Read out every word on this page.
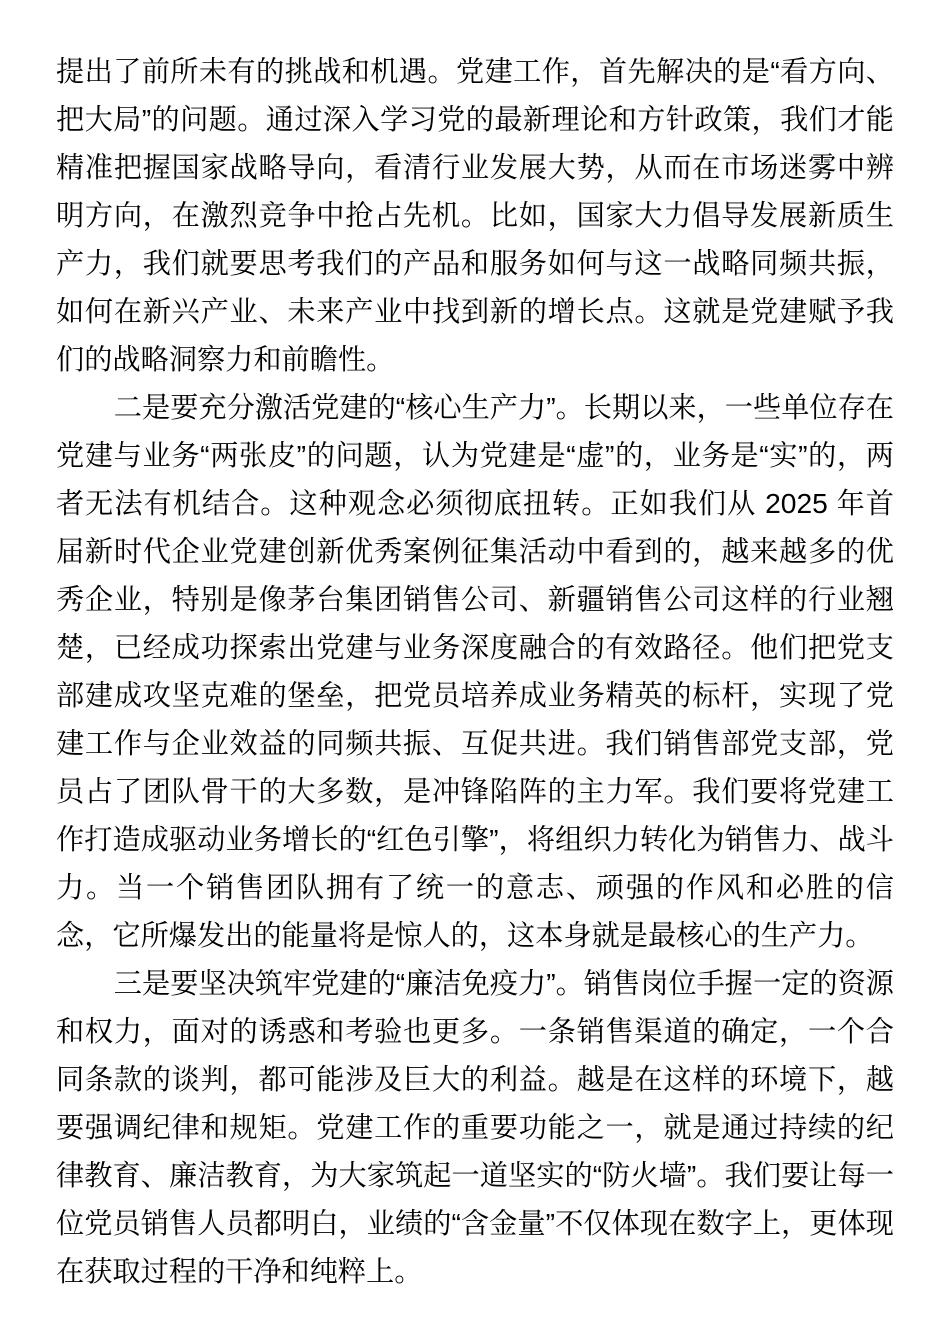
提出了前所未有的挑战和机遇。党建工作，首先解决的是“看方向、把大局”的问题。通过深入学习党的最新理论和方针政策，我们才能精准把握国家战略导向，看清行业发展大势，从而在市场迷雾中辨明方向，在激烈竞争中抢占先机。比如，国家大力倡导发展新质生产力，我们就要思考我们的产品和服务如何与这一战略同频共振，如何在新兴产业、未来产业中找到新的增长点。这就是党建赋予我们的战略洞察力和前瞻性。

二是要充分激活党建的“核心生产力”。长期以来，一些单位存在党建与业务“两张皮”的问题，认为党建是“虚”的，业务是“实”的，两者无法有机结合。这种观念必须彻底扭转。正如我们从 2025 年首届新时代企业党建创新优秀案例征集活动中看到的，越来越多的优秀企业，特别是像茅台集团销售公司、新疆销售公司这样的行业翘楚，已经成功探索出党建与业务深度融合的有效路径。他们把党支部建成攻坚克难的堡垒，把党员培养成业务精英的标杆，实现了党建工作与企业效益的同频共振、互促共进。我们销售部党支部，党员占了团队骨干的大多数，是冲锋陷阵的主力军。我们要将党建工作打造成驱动业务增长的“红色引擎”，将组织力转化为销售力、战斗力。当一个销售团队拥有了统一的意志、顽强的作风和必胜的信念，它所爆发出的能量将是惊人的，这本身就是最核心的生产力。

三是要坚决筑牢党建的“廉洁免疫力”。销售岗位手握一定的资源和权力，面对的诱惑和考验也更多。一条销售渠道的确定，一个合同条款的谈判，都可能涉及巨大的利益。越是在这样的环境下，越要强调纪律和规矩。党建工作的重要功能之一，就是通过持续的纪律教育、廉洁教育，为大家筑起一道坚实的“防火墙”。我们要让每一位党员销售人员都明白，业绩的“含金量”不仅体现在数字上，更体现在获取过程的干净和纯粹上。
